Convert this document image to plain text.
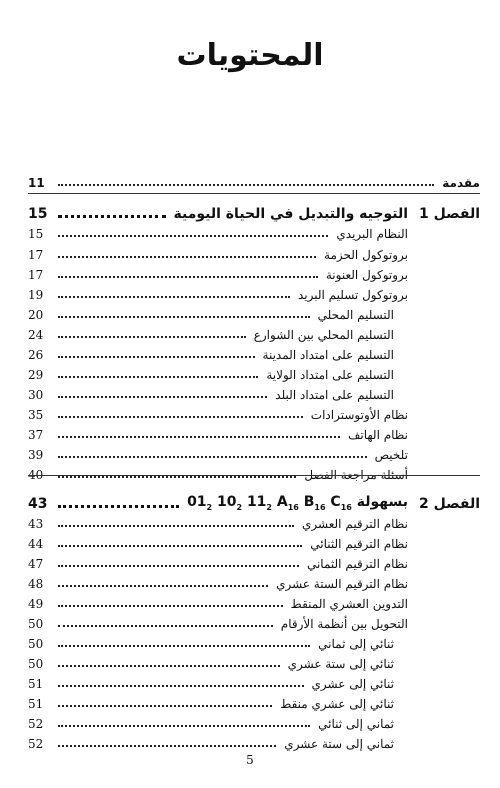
المحتويات
مقدمة
11
الفصل 1
التوجيه والتبديل في الحياة اليومية
15
النظام البريدي
15
بروتوكول الحزمة
17
بروتوكول العنونة
17
بروتوكول تسليم البريد
19
التسليم المحلي
20
التسليم المحلي بين الشوارع
24
التسليم على امتداد المدينة
26
التسليم على امتداد الولاية
29
التسليم على امتداد البلد
30
نظام الأوتوسترادات
35
نظام الهاتف
37
تلخيص
39
أسئلة مراجعة الفصل
40
الفصل 2
بسهولة $01_2$ $10_2$ $11_2$ $A_{16}$ $B_{16}$ $C_{16}$
43
نظام الترقيم العشري
43
نظام الترقيم الثنائي
44
نظام الترقيم الثماني
47
نظام الترقيم الستة عشري
48
التدوين العشري المنقط
49
التحويل بين أنظمة الأرقام
50
ثنائي إلى ثماني
50
ثنائي إلى ستة عشري
50
ثنائي إلى عشري
51
ثنائي إلى عشري منقط
51
ثماني إلى ثنائي
52
ثماني إلى ستة عشري
52
5
